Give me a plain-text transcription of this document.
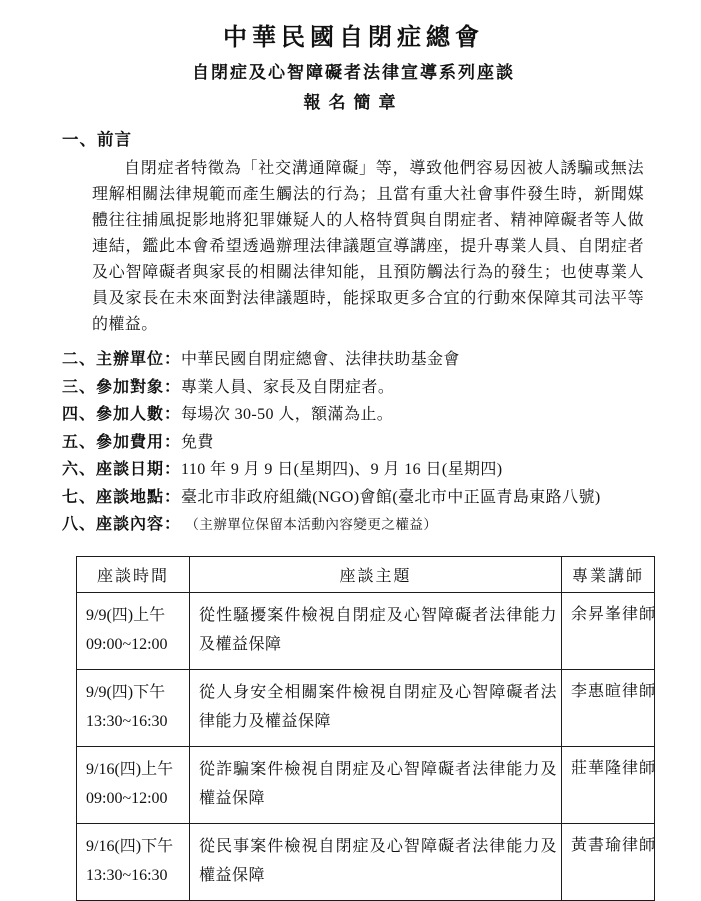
中華民國自閉症總會
自閉症及心智障礙者法律宣導系列座談
報名簡章
一、前言
自閉症者特徵為「社交溝通障礙」等，導致他們容易因被人誘騙或無法理解相關法律規範而產生觸法的行為；且當有重大社會事件發生時，新聞媒體往往捕風捉影地將犯罪嫌疑人的人格特質與自閉症者、精神障礙者等人做連結，鑑此本會希望透過辦理法律議題宣導講座，提升專業人員、自閉症者及心智障礙者與家長的相關法律知能，且預防觸法行為的發生；也使專業人員及家長在未來面對法律議題時，能採取更多合宜的行動來保障其司法平等的權益。
二、主辦單位：中華民國自閉症總會、法律扶助基金會
三、參加對象：專業人員、家長及自閉症者。
四、參加人數：每場次 30-50 人，額滿為止。
五、參加費用：免費
六、座談日期：110 年 9 月 9 日(星期四)、9 月 16 日(星期四)
七、座談地點：臺北市非政府組織(NGO)會館(臺北市中正區青島東路八號)
八、座談內容： （主辦單位保留本活動內容變更之權益）
座談時間	座談主題	專業講師

9/9(四)上午
09:00~12:00	從性騷擾案件檢視自閉症及心智障礙者法律能力及權益保障	余昇峯律師

9/9(四)下午
13:30~16:30	從人身安全相關案件檢視自閉症及心智障礙者法律能力及權益保障	李惠暄律師

9/16(四)上午
09:00~12:00	從詐騙案件檢視自閉症及心智障礙者法律能力及權益保障	莊華隆律師

9/16(四)下午
13:30~16:30	從民事案件檢視自閉症及心智障礙者法律能力及權益保障	黃書瑜律師
